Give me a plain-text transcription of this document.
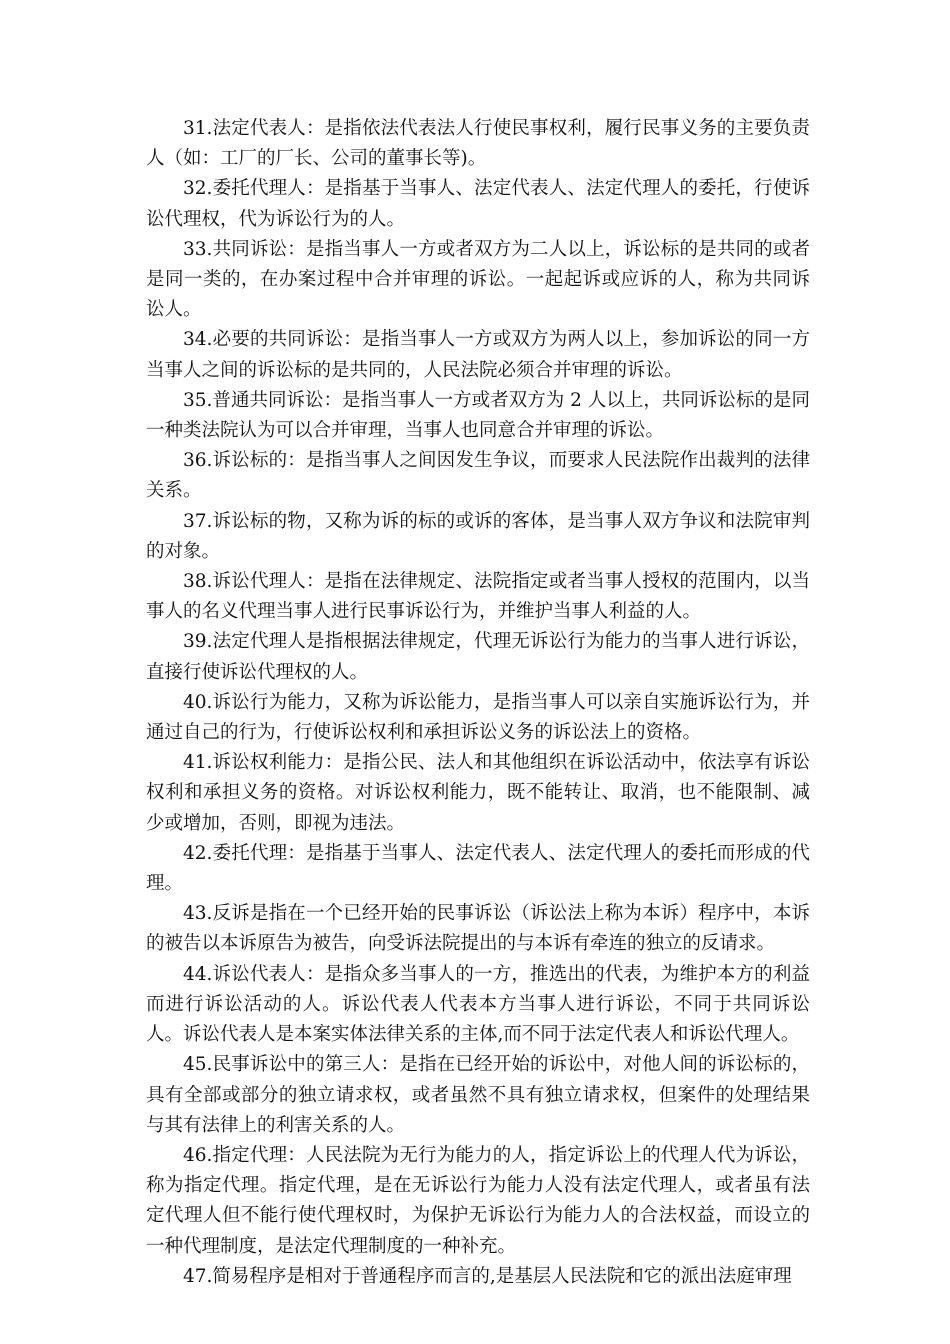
31.法定代表人：是指依法代表法人行使民事权利，履行民事义务的主要负责人（如：工厂的厂长、公司的董事长等)。

32.委托代理人：是指基于当事人、法定代表人、法定代理人的委托，行使诉讼代理权，代为诉讼行为的人。

33.共同诉讼：是指当事人一方或者双方为二人以上，诉讼标的是共同的或者是同一类的，在办案过程中合并审理的诉讼。一起起诉或应诉的人，称为共同诉讼人。

34.必要的共同诉讼：是指当事人一方或双方为两人以上，参加诉讼的同一方当事人之间的诉讼标的是共同的，人民法院必须合并审理的诉讼。

35.普通共同诉讼：是指当事人一方或者双方为 2 人以上，共同诉讼标的是同一种类法院认为可以合并审理，当事人也同意合并审理的诉讼。

36.诉讼标的：是指当事人之间因发生争议，而要求人民法院作出裁判的法律关系。

37.诉讼标的物，又称为诉的标的或诉的客体，是当事人双方争议和法院审判的对象。

38.诉讼代理人：是指在法律规定、法院指定或者当事人授权的范围内，以当事人的名义代理当事人进行民事诉讼行为，并维护当事人利益的人。

39.法定代理人是指根据法律规定，代理无诉讼行为能力的当事人进行诉讼，直接行使诉讼代理权的人。

40.诉讼行为能力，又称为诉讼能力，是指当事人可以亲自实施诉讼行为，并通过自己的行为，行使诉讼权利和承担诉讼义务的诉讼法上的资格。

41.诉讼权利能力：是指公民、法人和其他组织在诉讼活动中，依法享有诉讼权利和承担义务的资格。对诉讼权利能力，既不能转让、取消，也不能限制、减少或增加，否则，即视为违法。

42.委托代理：是指基于当事人、法定代表人、法定代理人的委托而形成的代理。

43.反诉是指在一个已经开始的民事诉讼（诉讼法上称为本诉）程序中，本诉的被告以本诉原告为被告，向受诉法院提出的与本诉有牵连的独立的反请求。

44.诉讼代表人：是指众多当事人的一方，推选出的代表，为维护本方的利益而进行诉讼活动的人。诉讼代表人代表本方当事人进行诉讼，不同于共同诉讼人。诉讼代表人是本案实体法律关系的主体,而不同于法定代表人和诉讼代理人。

45.民事诉讼中的第三人：是指在已经开始的诉讼中，对他人间的诉讼标的，具有全部或部分的独立请求权，或者虽然不具有独立请求权，但案件的处理结果与其有法律上的利害关系的人。

46.指定代理：人民法院为无行为能力的人，指定诉讼上的代理人代为诉讼，称为指定代理。指定代理，是在无诉讼行为能力人没有法定代理人，或者虽有法定代理人但不能行使代理权时，为保护无诉讼行为能力人的合法权益，而设立的一种代理制度，是法定代理制度的一种补充。

47.简易程序是相对于普通程序而言的,是基层人民法院和它的派出法庭审理
